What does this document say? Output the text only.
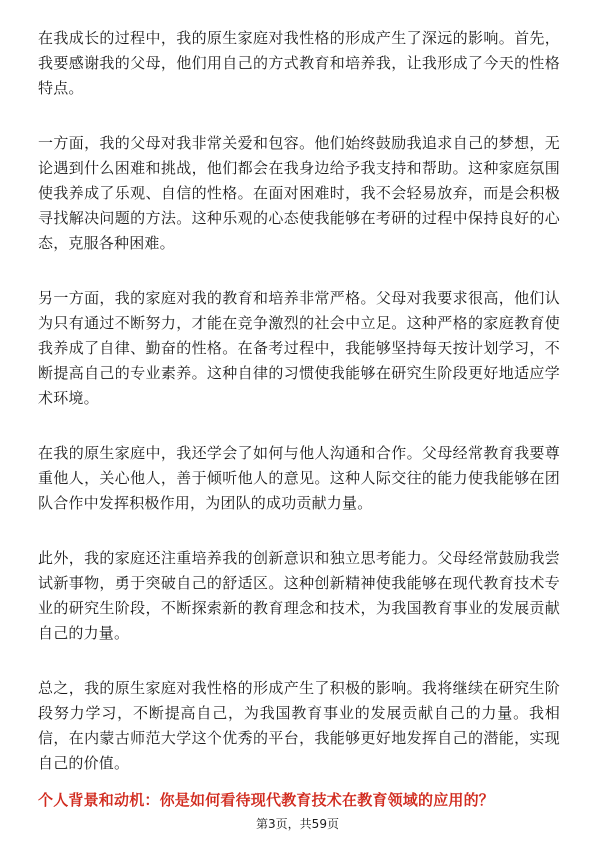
在我成长的过程中，我的原生家庭对我性格的形成产生了深远的影响。首先，我要感谢我的父母，他们用自己的方式教育和培养我，让我形成了今天的性格特点。

一方面，我的父母对我非常关爱和包容。他们始终鼓励我追求自己的梦想，无论遇到什么困难和挑战，他们都会在我身边给予我支持和帮助。这种家庭氛围使我养成了乐观、自信的性格。在面对困难时，我不会轻易放弃，而是会积极寻找解决问题的方法。这种乐观的心态使我能够在考研的过程中保持良好的心态，克服各种困难。

另一方面，我的家庭对我的教育和培养非常严格。父母对我要求很高，他们认为只有通过不断努力，才能在竞争激烈的社会中立足。这种严格的家庭教育使我养成了自律、勤奋的性格。在备考过程中，我能够坚持每天按计划学习，不断提高自己的专业素养。这种自律的习惯使我能够在研究生阶段更好地适应学术环境。

在我的原生家庭中，我还学会了如何与他人沟通和合作。父母经常教育我要尊重他人，关心他人，善于倾听他人的意见。这种人际交往的能力使我能够在团队合作中发挥积极作用，为团队的成功贡献力量。

此外，我的家庭还注重培养我的创新意识和独立思考能力。父母经常鼓励我尝试新事物，勇于突破自己的舒适区。这种创新精神使我能够在现代教育技术专业的研究生阶段，不断探索新的教育理念和技术，为我国教育事业的发展贡献自己的力量。

总之，我的原生家庭对我性格的形成产生了积极的影响。我将继续在研究生阶段努力学习，不断提高自己，为我国教育事业的发展贡献自己的力量。我相信，在内蒙古师范大学这个优秀的平台，我能够更好地发挥自己的潜能，实现自己的价值。

个人背景和动机：你是如何看待现代教育技术在教育领域的应用的？

第3页，共59页
